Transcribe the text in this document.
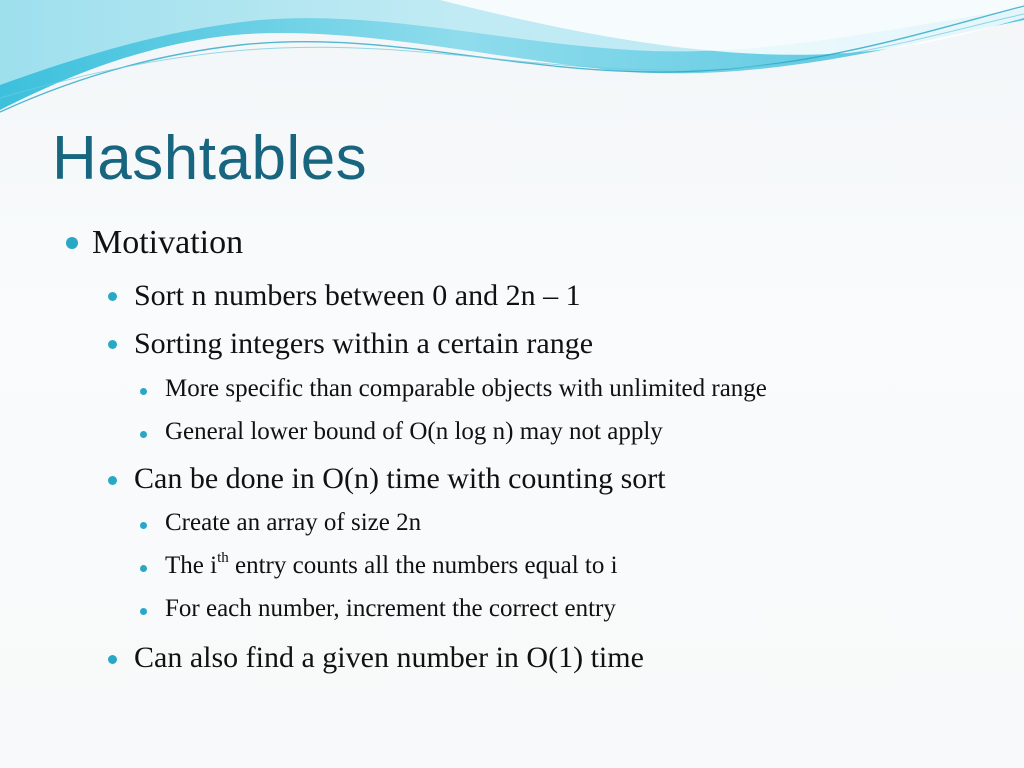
Hashtables
Motivation
Sort n numbers between 0 and 2n – 1
Sorting integers within a certain range
More specific than comparable objects with unlimited range
General lower bound of O(n log n) may not apply
Can be done in O(n) time with counting sort
Create an array of size 2n
The $i^{th}$ entry counts all the numbers equal to i
For each number, increment the correct entry
Can also find a given number in O(1) time
